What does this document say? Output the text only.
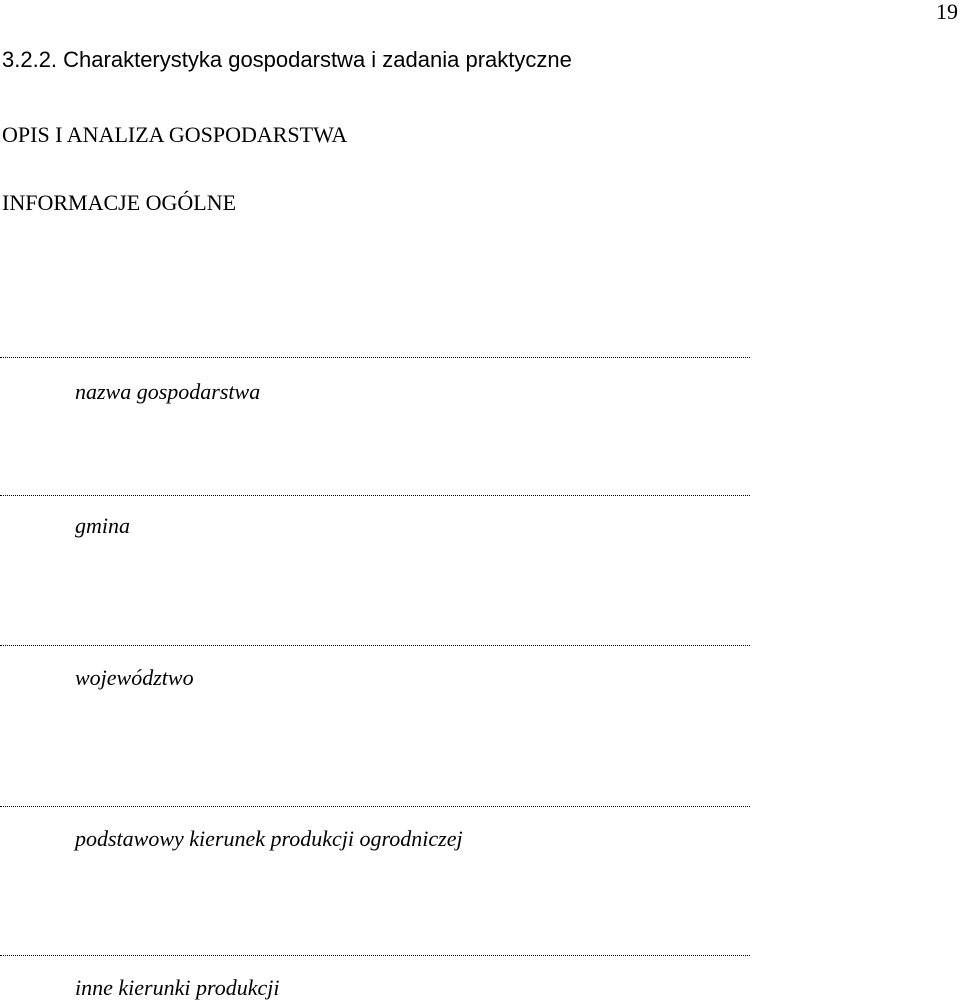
19
3.2.2. Charakterystyka gospodarstwa i zadania praktyczne
OPIS I ANALIZA GOSPODARSTWA
INFORMACJE OGÓLNE
nazwa gospodarstwa
gmina
województwo
podstawowy kierunek produkcji ogrodniczej
inne kierunki produkcji
